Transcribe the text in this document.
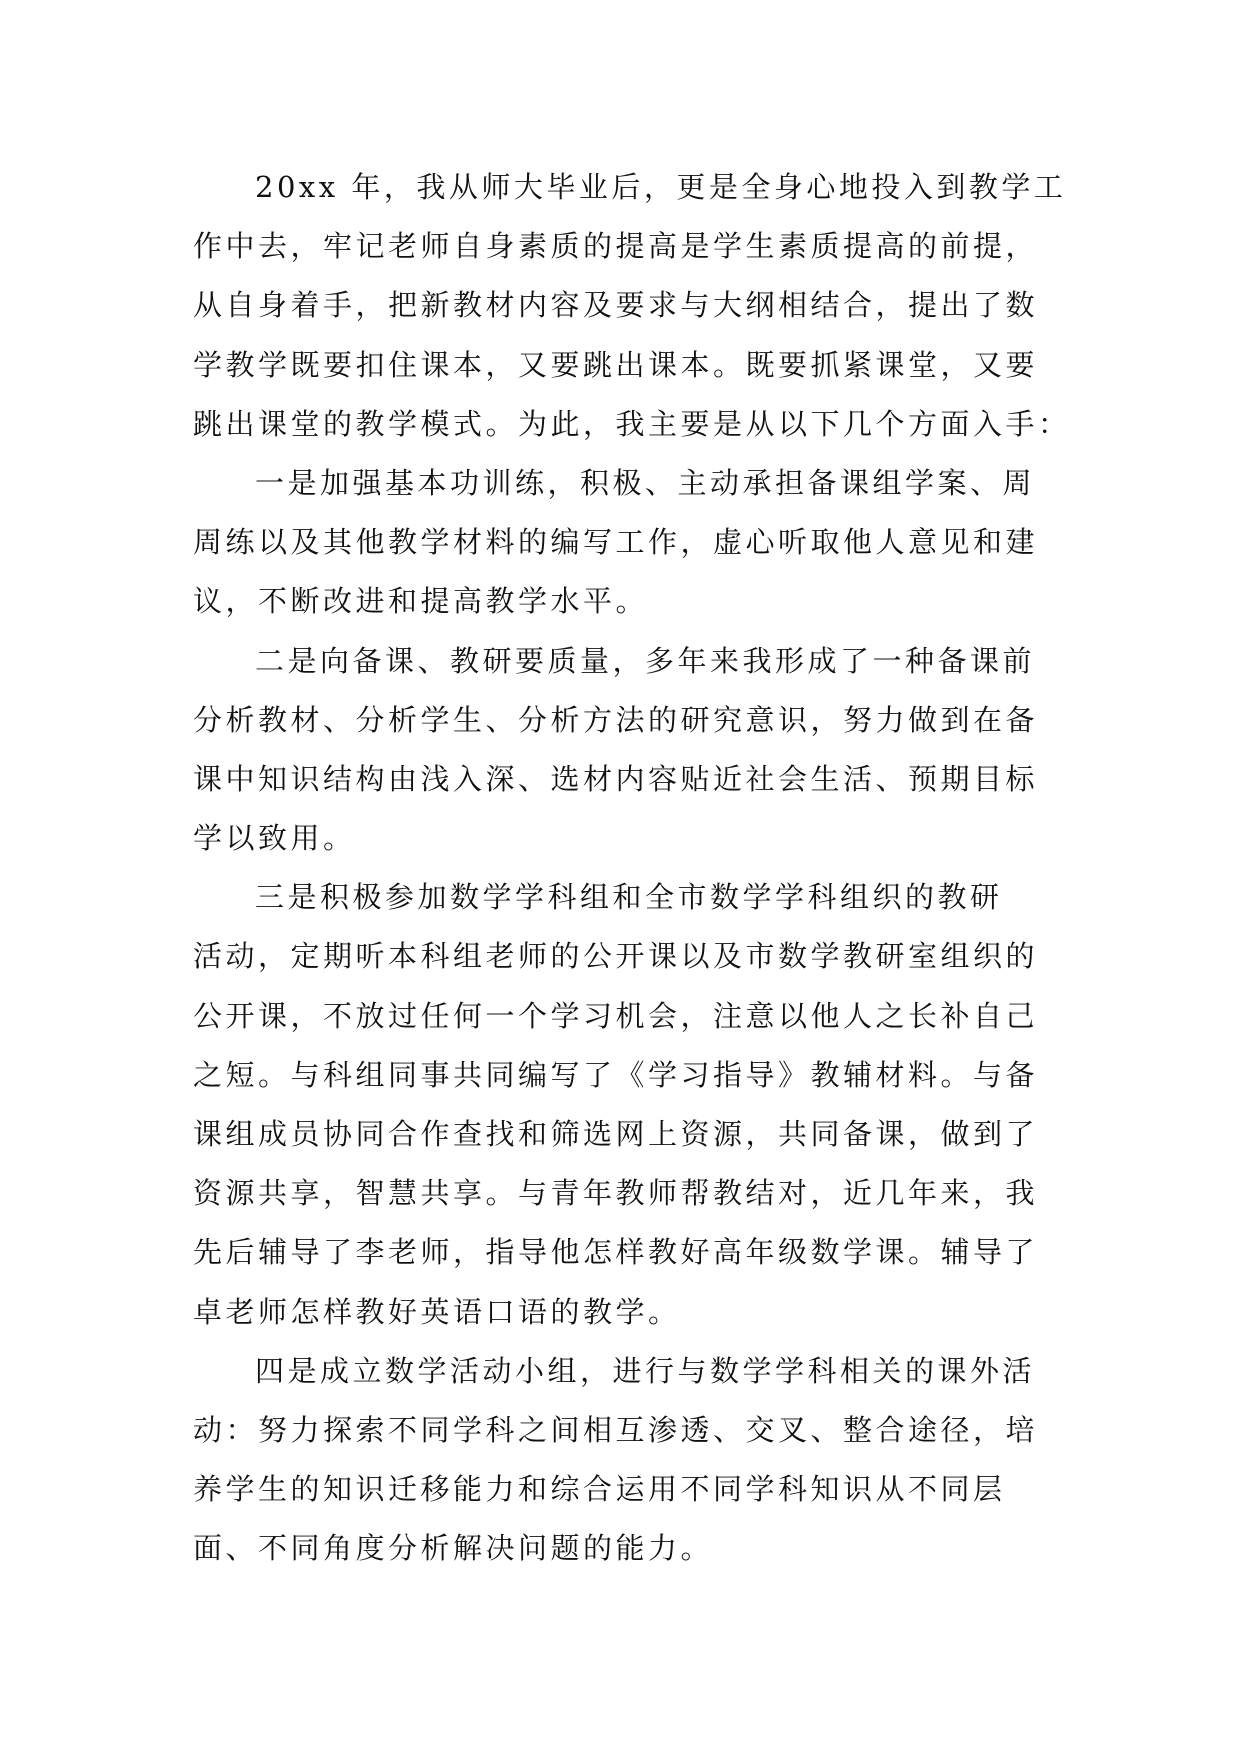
20xx 年，我从师大毕业后，更是全身心地投入到教学工
作中去，牢记老师自身素质的提高是学生素质提高的前提，
从自身着手，把新教材内容及要求与大纲相结合，提出了数
学教学既要扣住课本，又要跳出课本。既要抓紧课堂，又要
跳出课堂的教学模式。为此，我主要是从以下几个方面入手：

一是加强基本功训练，积极、主动承担备课组学案、周
周练以及其他教学材料的编写工作，虚心听取他人意见和建
议，不断改进和提高教学水平。

二是向备课、教研要质量，多年来我形成了一种备课前
分析教材、分析学生、分析方法的研究意识，努力做到在备
课中知识结构由浅入深、选材内容贴近社会生活、预期目标
学以致用。

三是积极参加数学学科组和全市数学学科组织的教研
活动，定期听本科组老师的公开课以及市数学教研室组织的
公开课，不放过任何一个学习机会，注意以他人之长补自己
之短。与科组同事共同编写了《学习指导》教辅材料。与备
课组成员协同合作查找和筛选网上资源，共同备课，做到了
资源共享，智慧共享。与青年教师帮教结对，近几年来，我
先后辅导了李老师，指导他怎样教好高年级数学课。辅导了
卓老师怎样教好英语口语的教学。

四是成立数学活动小组，进行与数学学科相关的课外活
动：努力探索不同学科之间相互渗透、交叉、整合途径，培
养学生的知识迁移能力和综合运用不同学科知识从不同层
面、不同角度分析解决问题的能力。
